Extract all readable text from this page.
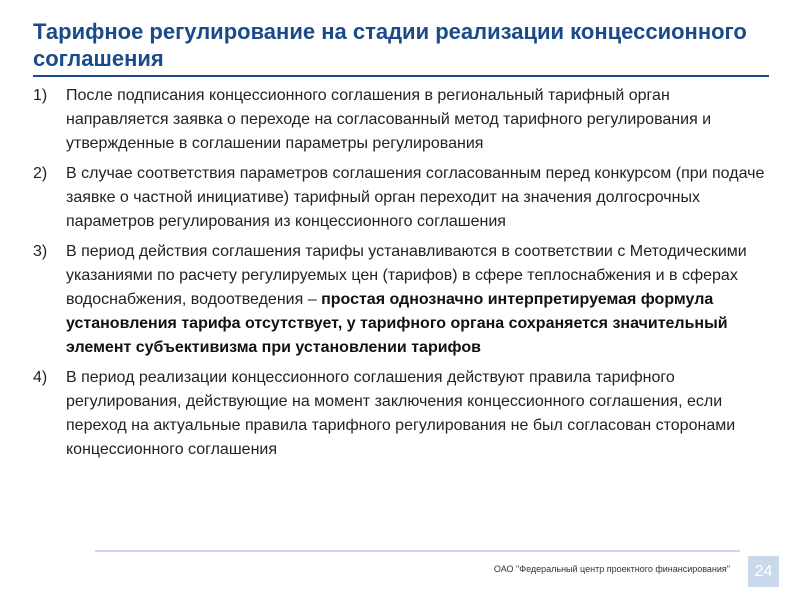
Тарифное регулирование на стадии реализации концессионного соглашения
1)	После подписания концессионного соглашения в региональный тарифный орган направляется заявка о переходе на согласованный метод тарифного регулирования и утвержденные в соглашении параметры регулирования
2)	В случае соответствия параметров соглашения согласованным перед конкурсом (при подаче заявке о частной инициативе) тарифный орган переходит на значения долгосрочных параметров регулирования из концессионного соглашения
3)	В период действия соглашения тарифы устанавливаются в соответствии с Методическими указаниями по расчету регулируемых цен (тарифов) в сфере теплоснабжения и в сферах водоснабжения, водоотведения – простая однозначно интерпретируемая формула установления тарифа отсутствует, у тарифного органа сохраняется значительный элемент субъективизма при установлении тарифов
4)	В период реализации концессионного соглашения действуют правила тарифного регулирования, действующие на момент заключения концессионного соглашения, если переход на актуальные правила тарифного регулирования не был согласован сторонами концессионного соглашения
ОАО "Федеральный центр проектного финансирования"	24
